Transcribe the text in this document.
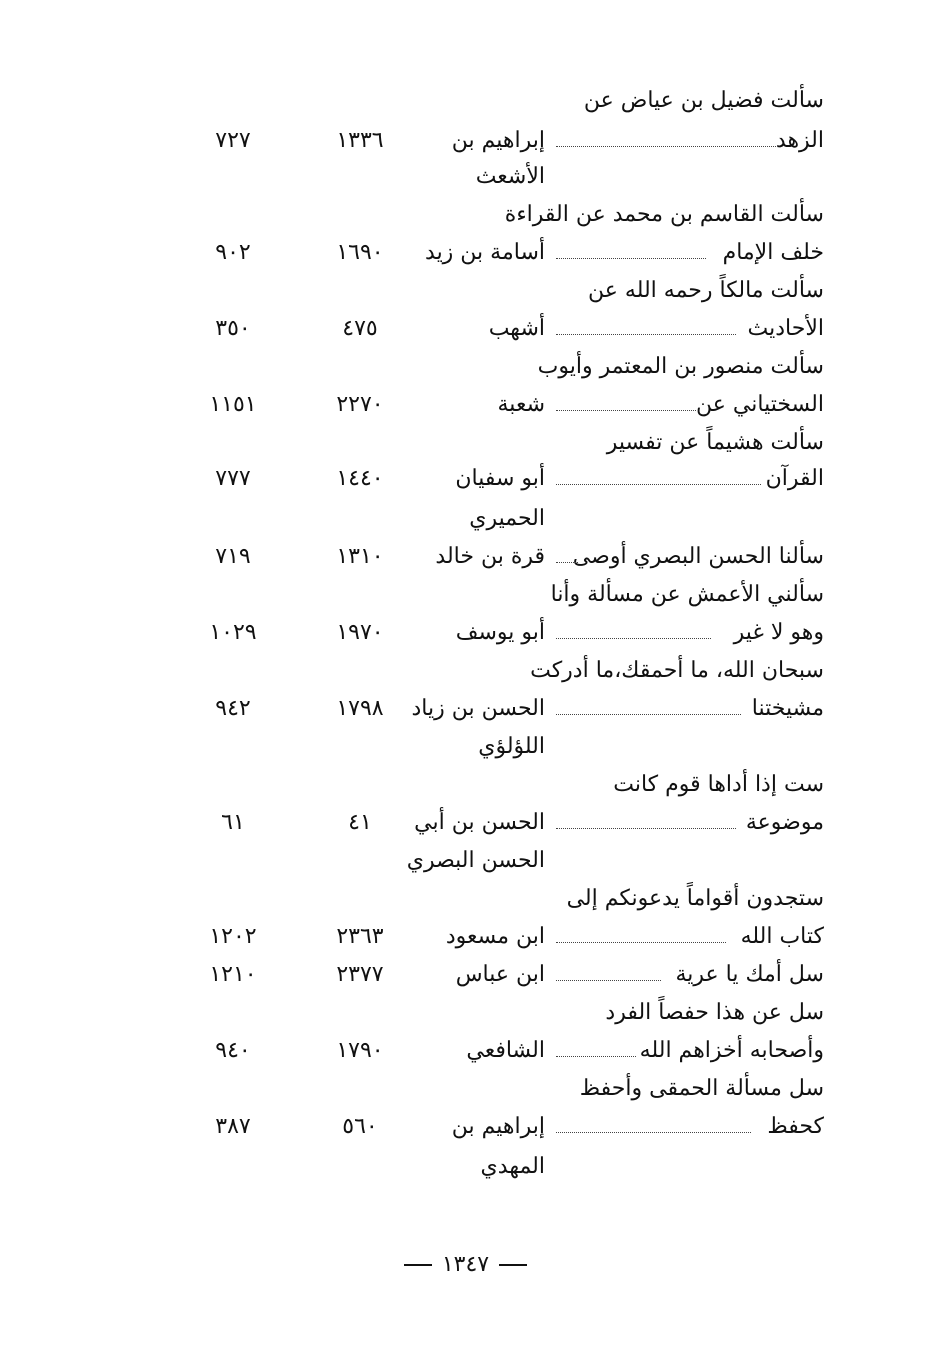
سألت فضيل بن عياض عن
الزهد
إبراهيم بن
الأشعث
١٣٣٦
٧٢٧
سألت القاسم بن محمد عن القراءة
خلف الإمام
أسامة بن زيد
١٦٩٠
٩٠٢
سألت مالكاً رحمه الله عن
الأحاديث
أشهب
٤٧٥
٣٥٠
سألت منصور بن المعتمر وأيوب
السختياني عن
شعبة
٢٢٧٠
١١٥١
سألت هشيماً عن تفسير
القرآن
أبو سفيان
الحميري
١٤٤٠
٧٧٧
سألنا الحسن البصري أوصى
قرة بن خالد
١٣١٠
٧١٩
سألني الأعمش عن مسألة وأنا
وهو لا غير
أبو يوسف
١٩٧٠
١٠٢٩
سبحان الله، ما أحمقك،ما أدركت
مشيختنا
الحسن بن زياد
اللؤلؤي
١٧٩٨
٩٤٢
ست إذا أداها قوم كانت
موضوعة
الحسن بن أبي
الحسن البصري
٤١
٦١
ستجدون أقواماً يدعونكم إلى
كتاب الله
ابن مسعود
٢٣٦٣
١٢٠٢
سل أمك يا عرية
ابن عباس
٢٣٧٧
١٢١٠
سل عن هذا حفصاً الفرد
وأصحابه أخزاهم الله
الشافعي
١٧٩٠
٩٤٠
سل مسألة الحمقى وأحفظ
كحفظ
إبراهيم بن
المهدي
٥٦٠
٣٨٧
١٣٤٧
